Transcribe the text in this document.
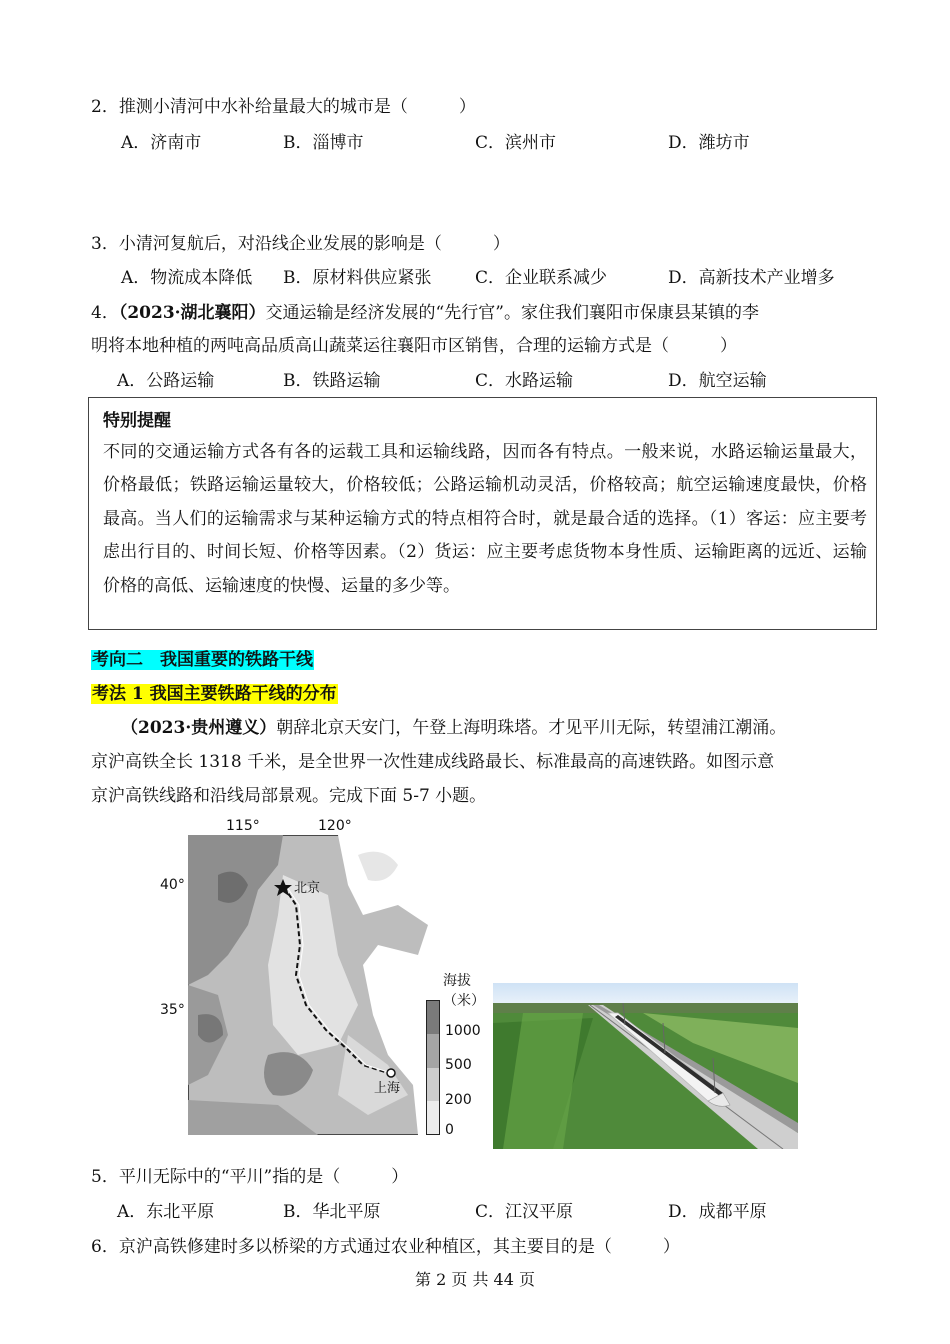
2．推测小清河中水补给量最大的城市是（　　　）
A．济南市	B．淄博市	C．滨州市	D．潍坊市
3．小清河复航后，对沿线企业发展的影响是（　　　）
A．物流成本降低 B．原材料供应紧张	C．企业联系减少	D．高新技术产业增多
4．（2023·湖北襄阳）交通运输是经济发展的“先行官”。家住我们襄阳市保康县某镇的李
明将本地种植的两吨高品质高山蔬菜运往襄阳市区销售，合理的运输方式是（　　　）
A．公路运输	B．铁路运输	C．水路运输	D．航空运输
特别提醒
不同的交通运输方式各有各的运载工具和运输线路，因而各有特点。一般来说，水路运输运量最大，价格最低；铁路运输运量较大，价格较低；公路运输机动灵活，价格较高；航空运输速度最快，价格最高。当人们的运输需求与某种运输方式的特点相符合时，就是最合适的选择。（1）客运：应主要考虑出行目的、时间长短、价格等因素。（2）货运：应主要考虑货物本身性质、运输距离的远近、运输价格的高低、运输速度的快慢、运量的多少等。
考向二　我国重要的铁路干线
考法 1 我国主要铁路干线的分布
（2023·贵州遵义）朝辞北京天安门，午登上海明珠塔。才见平川无际，转望浦江潮涌。
京沪高铁全长 1318 千米，是全世界一次性建成线路最长、标准最高的高速铁路。如图示意
京沪高铁线路和沿线局部景观。完成下面 5-7 小题。
115°	120°
40°
35°
北京
上海
海拔
（米）
1000
500
200
0
5．平川无际中的“平川”指的是（　　　）
A．东北平原	B．华北平原	C．江汉平原	D．成都平原
6．京沪高铁修建时多以桥梁的方式通过农业种植区，其主要目的是（　　　）
第 2 页 共 44 页
